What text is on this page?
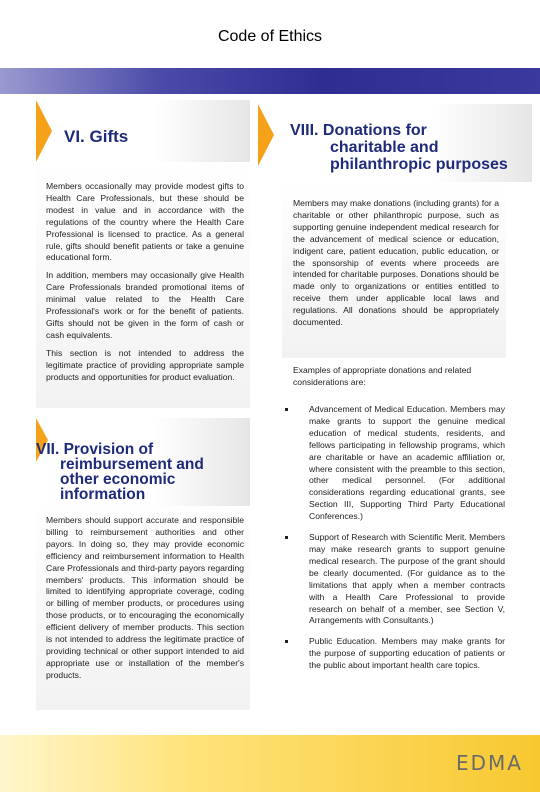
Code of Ethics
VI. Gifts

Members occasionally may provide modest gifts to Health Care Professionals, but these should be modest in value and in accordance with the regulations of the country where the Health Care Professional is licensed to practice. As a general rule, gifts should benefit patients or take a genuine educational form.

In addition, members may occasionally give Health Care Professionals branded promotional items of minimal value related to the Health Care Professional's work or for the benefit of patients. Gifts should not be given in the form of cash or cash equivalents.

This section is not intended to address the legitimate practice of providing appropriate sample products and opportunities for product evaluation.

VII. Provision of
reimbursement and
other economic
information

Members should support accurate and responsible billing to reimbursement authorities and other payors. In doing so, they may provide economic efficiency and reimbursement information to Health Care Professionals and third-party payors regarding members' products. This information should be limited to identifying appropriate coverage, coding or billing of member products, or procedures using those products, or to encouraging the economically efficient delivery of member products. This section is not intended to address the legitimate practice of providing technical or other support intended to aid appropriate use or installation of the member's products.

VIII. Donations for
charitable and
philanthropic purposes

Members may make donations (including grants) for a charitable or other philanthropic purpose, such as supporting genuine independent medical research for the advancement of medical science or education, indigent care, patient education, public education, or the sponsorship of events where proceeds are intended for charitable purposes. Donations should be made only to organizations or entities entitled to receive them under applicable local laws and regulations. All donations should be appropriately documented.

Examples of appropriate donations and related considerations are:

Advancement of Medical Education. Members may make grants to support the genuine medical education of medical students, residents, and fellows participating in fellowship programs, which are charitable or have an academic affiliation or, where consistent with the preamble to this section, other medical personnel. (For additional considerations regarding educational grants, see Section III, Supporting Third Party Educational Conferences.)
Support of Research with Scientific Merit. Members may make research grants to support genuine medical research. The purpose of the grant should be clearly documented. (For guidance as to the limitations that apply when a member contracts with a Health Care Professional to provide research on behalf of a member, see Section V, Arrangements with Consultants.)
Public Education. Members may make grants for the purpose of supporting education of patients or the public about important health care topics.
EDMA
